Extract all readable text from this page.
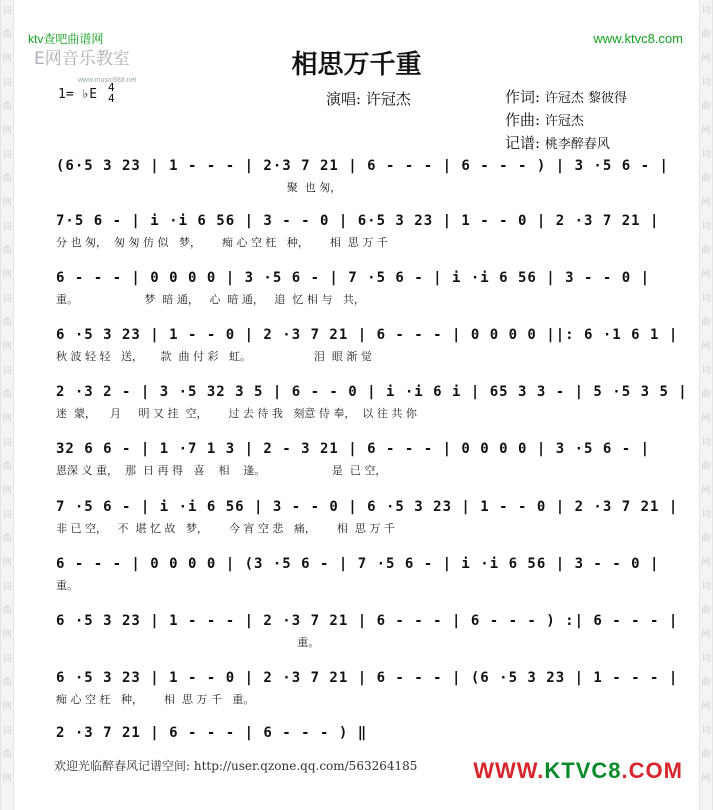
词
曲
网
词
曲
网
词
曲
网
词
曲
网
词
曲
网
词
曲
网
词
曲
网
词
曲
网
词
曲
网
词
曲
网
词
曲
网
词
曲
网
词
曲
网
词
曲
网
词
曲
网
词
曲
网
词
曲
网
词
曲
网
词
曲
网
词
曲
网
词
曲
网
词
曲
网
ktv查吧曲谱网
E网音乐教室
www.music688.net
www.ktvc8.com
相思万千重
1= ♭E 4
4	演唱: 许冠杰	作词: 许冠杰 黎彼得
作曲: 许冠杰
记谱: 桃李醉春风
(6·5 3 23 | 1 - - - | 2·3 7 21 | 6 - - - | 6 - - - ) | 3 ·5 6 - |
聚  也 匆，
7·5 6 - | i ·i 6 56 | 3 - - 0 | 6·5 3 23 | 1 - - 0 | 2 ·3 7 21 |
分 也 匆，  匆 匆 仿 似   梦，      痴 心 空 枉   种，      相  思 万 千
6 - - - | 0 0 0 0 | 3 ·5 6 - | 7 ·5 6 - | i ·i 6 56 | 3 - - 0 |
重。                   梦  暗 通，   心  暗 通，   追  忆 相 与   共，
6 ·5 3 23 | 1 - - 0 | 2 ·3 7 21 | 6 - - - | 0 0 0 0 ||: 6 ·1 6 1 |
秋 波 轻 轻   送，     款  曲 付 彩   虹。                  泪  眼 渐 觉
2 ·3 2 - | 3 ·5 32 3 5 | 6 - - 0 | i ·i 6 i | 65 3 3 - | 5 ·5 3 5 |
迷  蒙，    月     明 又 挂  空，      过 去 待 我   刻意 侍 奉，  以 往 共 你
32 6 6 - | 1 ·7 1 3 | 2 - 3 21 | 6 - - - | 0 0 0 0 | 3 ·5 6 - |
恩深 义 重，  那  日 再 得   喜    相    逢。                   是  已 空，
7 ·5 6 - | i ·i 6 56 | 3 - - 0 | 6 ·5 3 23 | 1 - - 0 | 2 ·3 7 21 |
非 已 空，   不  堪 忆 故   梦，      今 宵 空 悲   痛，      相  思 万 千
6 - - - | 0 0 0 0 | (3 ·5 6 - | 7 ·5 6 - | i ·i 6 56 | 3 - - 0 |
重。
6 ·5 3 23 | 1 - - - | 2 ·3 7 21 | 6 - - - | 6 - - - ) :| 6 - - - |
重。
6 ·5 3 23 | 1 - - 0 | 2 ·3 7 21 | 6 - - - | (6 ·5 3 23 | 1 - - - |
痴 心 空 枉   种，      相  思 万 千   重。
2 ·3 7 21 | 6 - - - | 6 - - - ) ‖
欢迎光临醉春风记谱空间: http://user.qzone.qq.com/563264185	WWW.KTVC8.COM
